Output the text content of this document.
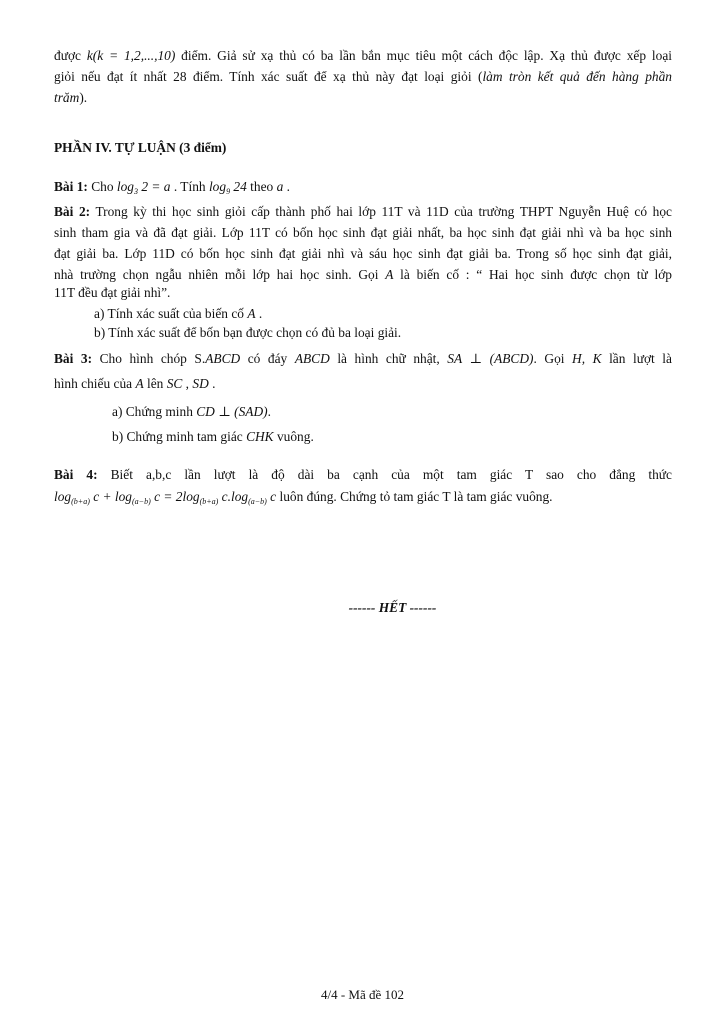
được k(k = 1,2,...,10) điểm. Giả sử xạ thủ có ba lần bắn mục tiêu một cách độc lập. Xạ thủ được xếp loại
giỏi nếu đạt ít nhất 28 điểm. Tính xác suất để xạ thủ này đạt loại giỏi (làm tròn kết quả đến hàng phần
trăm).
PHẦN IV. TỰ LUẬN (3 điểm)
Bài 1: Cho $\log_3 2 = a$ . Tính $\log_9 24$ theo a .
Bài 2: Trong kỳ thi học sinh giỏi cấp thành phố hai lớp 11T và 11D của trường THPT Nguyễn Huệ có học
sinh tham gia và đã đạt giải. Lớp 11T có bốn học sinh đạt giải nhất, ba học sinh đạt giải nhì và ba học sinh
đạt giải ba. Lớp 11D có bốn học sinh đạt giải nhì và sáu học sinh đạt giải ba. Trong số học sinh đạt giải,
nhà trường chọn ngẫu nhiên mỗi lớp hai học sinh. Gọi A là biến cố : “ Hai học sinh được chọn từ lớp
11T đều đạt giải nhì”.
a) Tính xác suất của biến cố A .
b) Tính xác suất để bốn bạn được chọn có đủ ba loại giải.
Bài 3: Cho hình chóp S.ABCD có đáy ABCD là hình chữ nhật, SA ⊥ (ABCD). Gọi H, K lần lượt là
hình chiếu của A lên SC , SD .
a) Chứng minh CD ⊥ (SAD).
b) Chứng minh tam giác CHK vuông.
Bài 4: Biết a,b,c lần lượt là độ dài ba cạnh của một tam giác T sao cho đẳng thức
$\log_{(b+a)} c + \log_{(a-b)} c = 2\log_{(b+a)}$ $c.\log_{(a-b)}$ c luôn đúng. Chứng tỏ tam giác T là tam giác vuông.
------ HẾT ------
4/4 - Mã đề 102
